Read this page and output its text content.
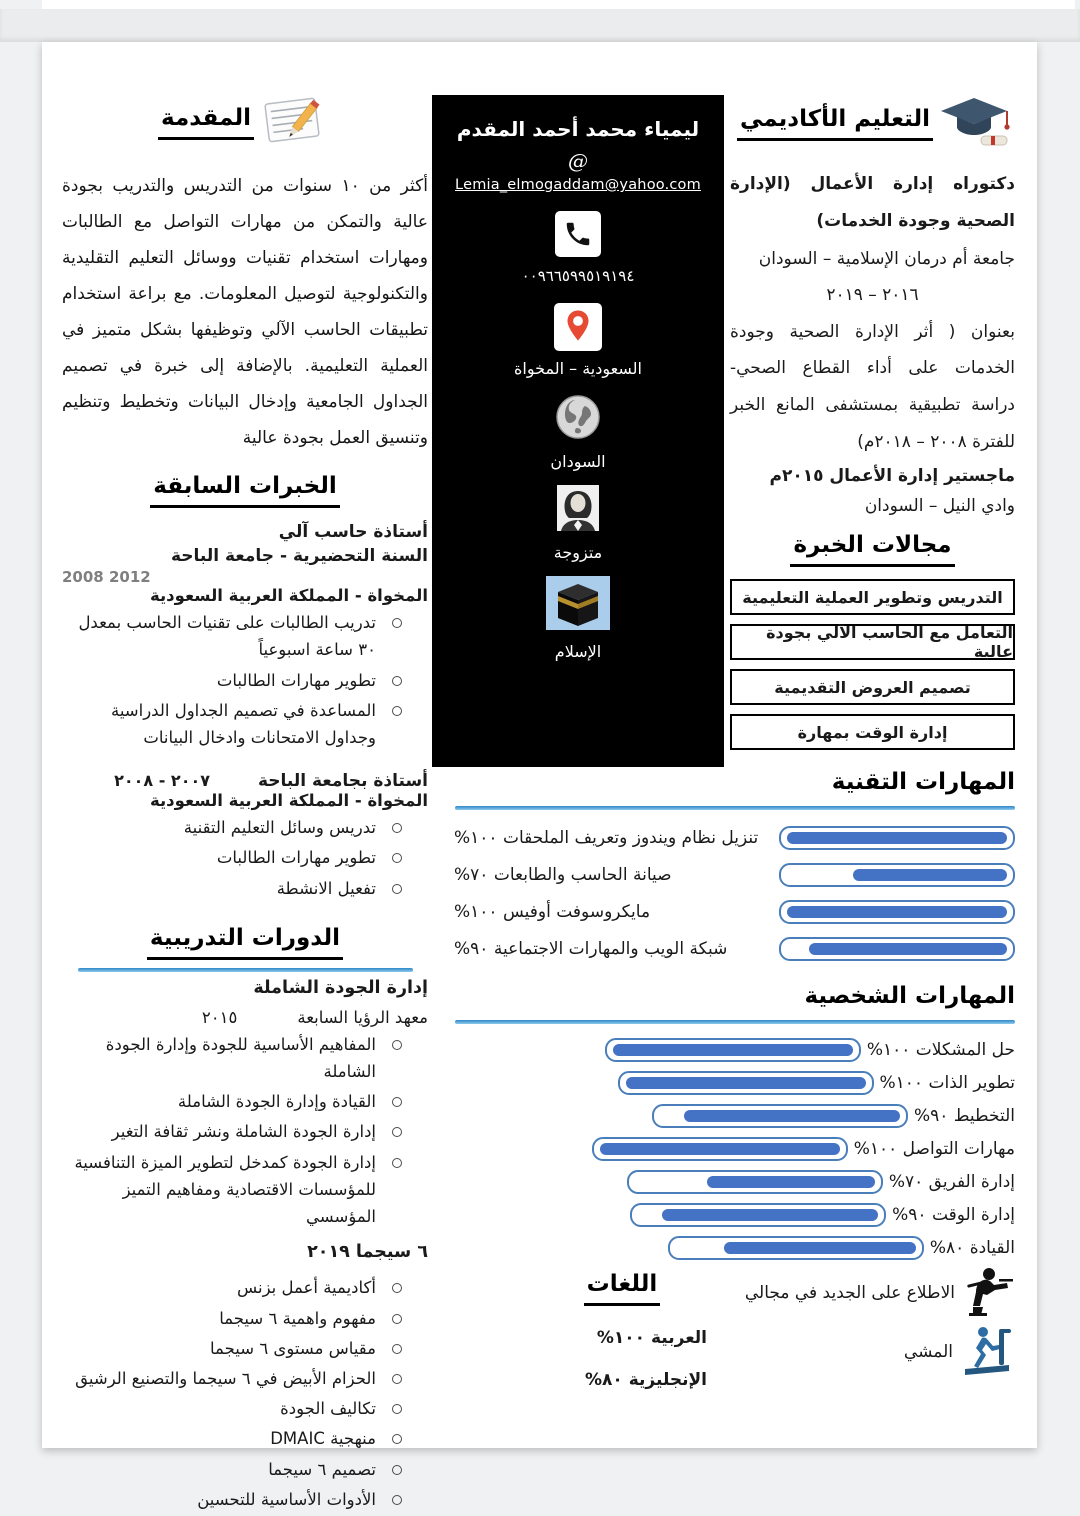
المقدمة

أكثر من ١٠ سنوات من التدريس والتدريب بجودة عالية والتمكن من مهارات التواصل مع الطالبات ومهارات استخدام تقنيات ووسائل التعليم التقليدية والتكنولوجية لتوصيل المعلومات. مع براعة استخدام تطبيقات الحاسب الآلي وتوظيفها بشكل متميز في العملية التعليمية. بالإضافة إلى خبرة في تصميم الجداول الجامعية وإدخال البيانات وتخطيط وتنظيم وتنسيق العمل بجودة عالية

الخبرات السابقة
أستاذة حاسب آلي
السنة التحضيرية - جامعة الباحة
2008 2012
المخواة - المملكة العربية السعودية
تدريب الطالبات على تقنيات الحاسب بمعدل ٣٠ ساعة اسبوعياً
تطوير مهارات الطالبات
المساعدة في تصميم الجداول الدراسية وجداول الامتحانات وادخال البيانات
أستاذة بجامعة الباحة
٢٠٠٧ - ٢٠٠٨
المخواة - المملكة العربية السعودية
تدريس وسائل التعليم التقنية
تطوير مهارات الطالبات
تفعيل الانشطة
الدورات التدريبية
إدارة الجودة الشاملة
معهد الرؤيا السابعة
٢٠١٥
المفاهيم الأساسية للجودة وإدارة الجودة الشاملة
القيادة وإدارة الجودة الشاملة
إدارة الجودة الشاملة ونشر ثقافة التغير
إدارة الجودة كمدخل لتطوير الميزة التنافسية للمؤسسات الاقتصادية ومفاهيم التميز المؤسسي
٦ سيجما ٢٠١٩
أكاديمية أعمل بزنس
مفهوم واهمية ٦ سيجما
مقياس مستوى ٦ سيجما
الحزام الأبيض في ٦ سيجما والتصنيع الرشيق
تكاليف الجودة
منهجية DMAIC
تصميم ٦ سيجما
الأدوات الأساسية للتحسين
ليمياء محمد أحمد المقدم
@
Lemia_elmogaddam@yahoo.com
٠٠٩٦٦٥٩٩٥١٩١٩٤
السعودية – المخواة
السودان
متزوجة
الإسلام
التعليم الأكاديمي
دكتوراه إدارة الأعمال (الإدارة الصحية وجودة الخدمات)
جامعة أم درمان الإسلامية – السودان
٢٠١٦ – ٢٠١٩
بعنوان ( أثر الإدارة الصحية وجودة الخدمات على أداء القطاع الصحي- دراسة تطبيقية بمستشفى المانع الخبر للفترة ٢٠٠٨ – ٢٠١٨م)
ماجستير إدارة الأعمال ٢٠١٥م
وادي النيل – السودان
مجالات الخبرة
التدريس وتطوير العملية التعليمية
التعامل مع الحاسب الآلي بجودة عالية
تصميم العروض التقديمية
إدارة الوقت بمهارة
المهارات التقنية
تنزيل نظام ويندوز وتعريف الملحقات ١٠٠%
صيانة الحاسب والطابعات ٧٠%
مايكروسوفت أوفيس ١٠٠%
شبكة الويب والمهارات الاجتماعية ٩٠%
المهارات الشخصية
حل المشكلات ١٠٠%
تطوير الذات ١٠٠%
التخطيط ٩٠%
مهارات التواصل ١٠٠%
إدارة الفريق ٧٠%
إدارة الوقت ٩٠%
القيادة ٨٠%
اللغات
العربية ١٠٠%
الإنجليزية ٨٠%
الاطلاع على الجديد في مجالي
المشي
